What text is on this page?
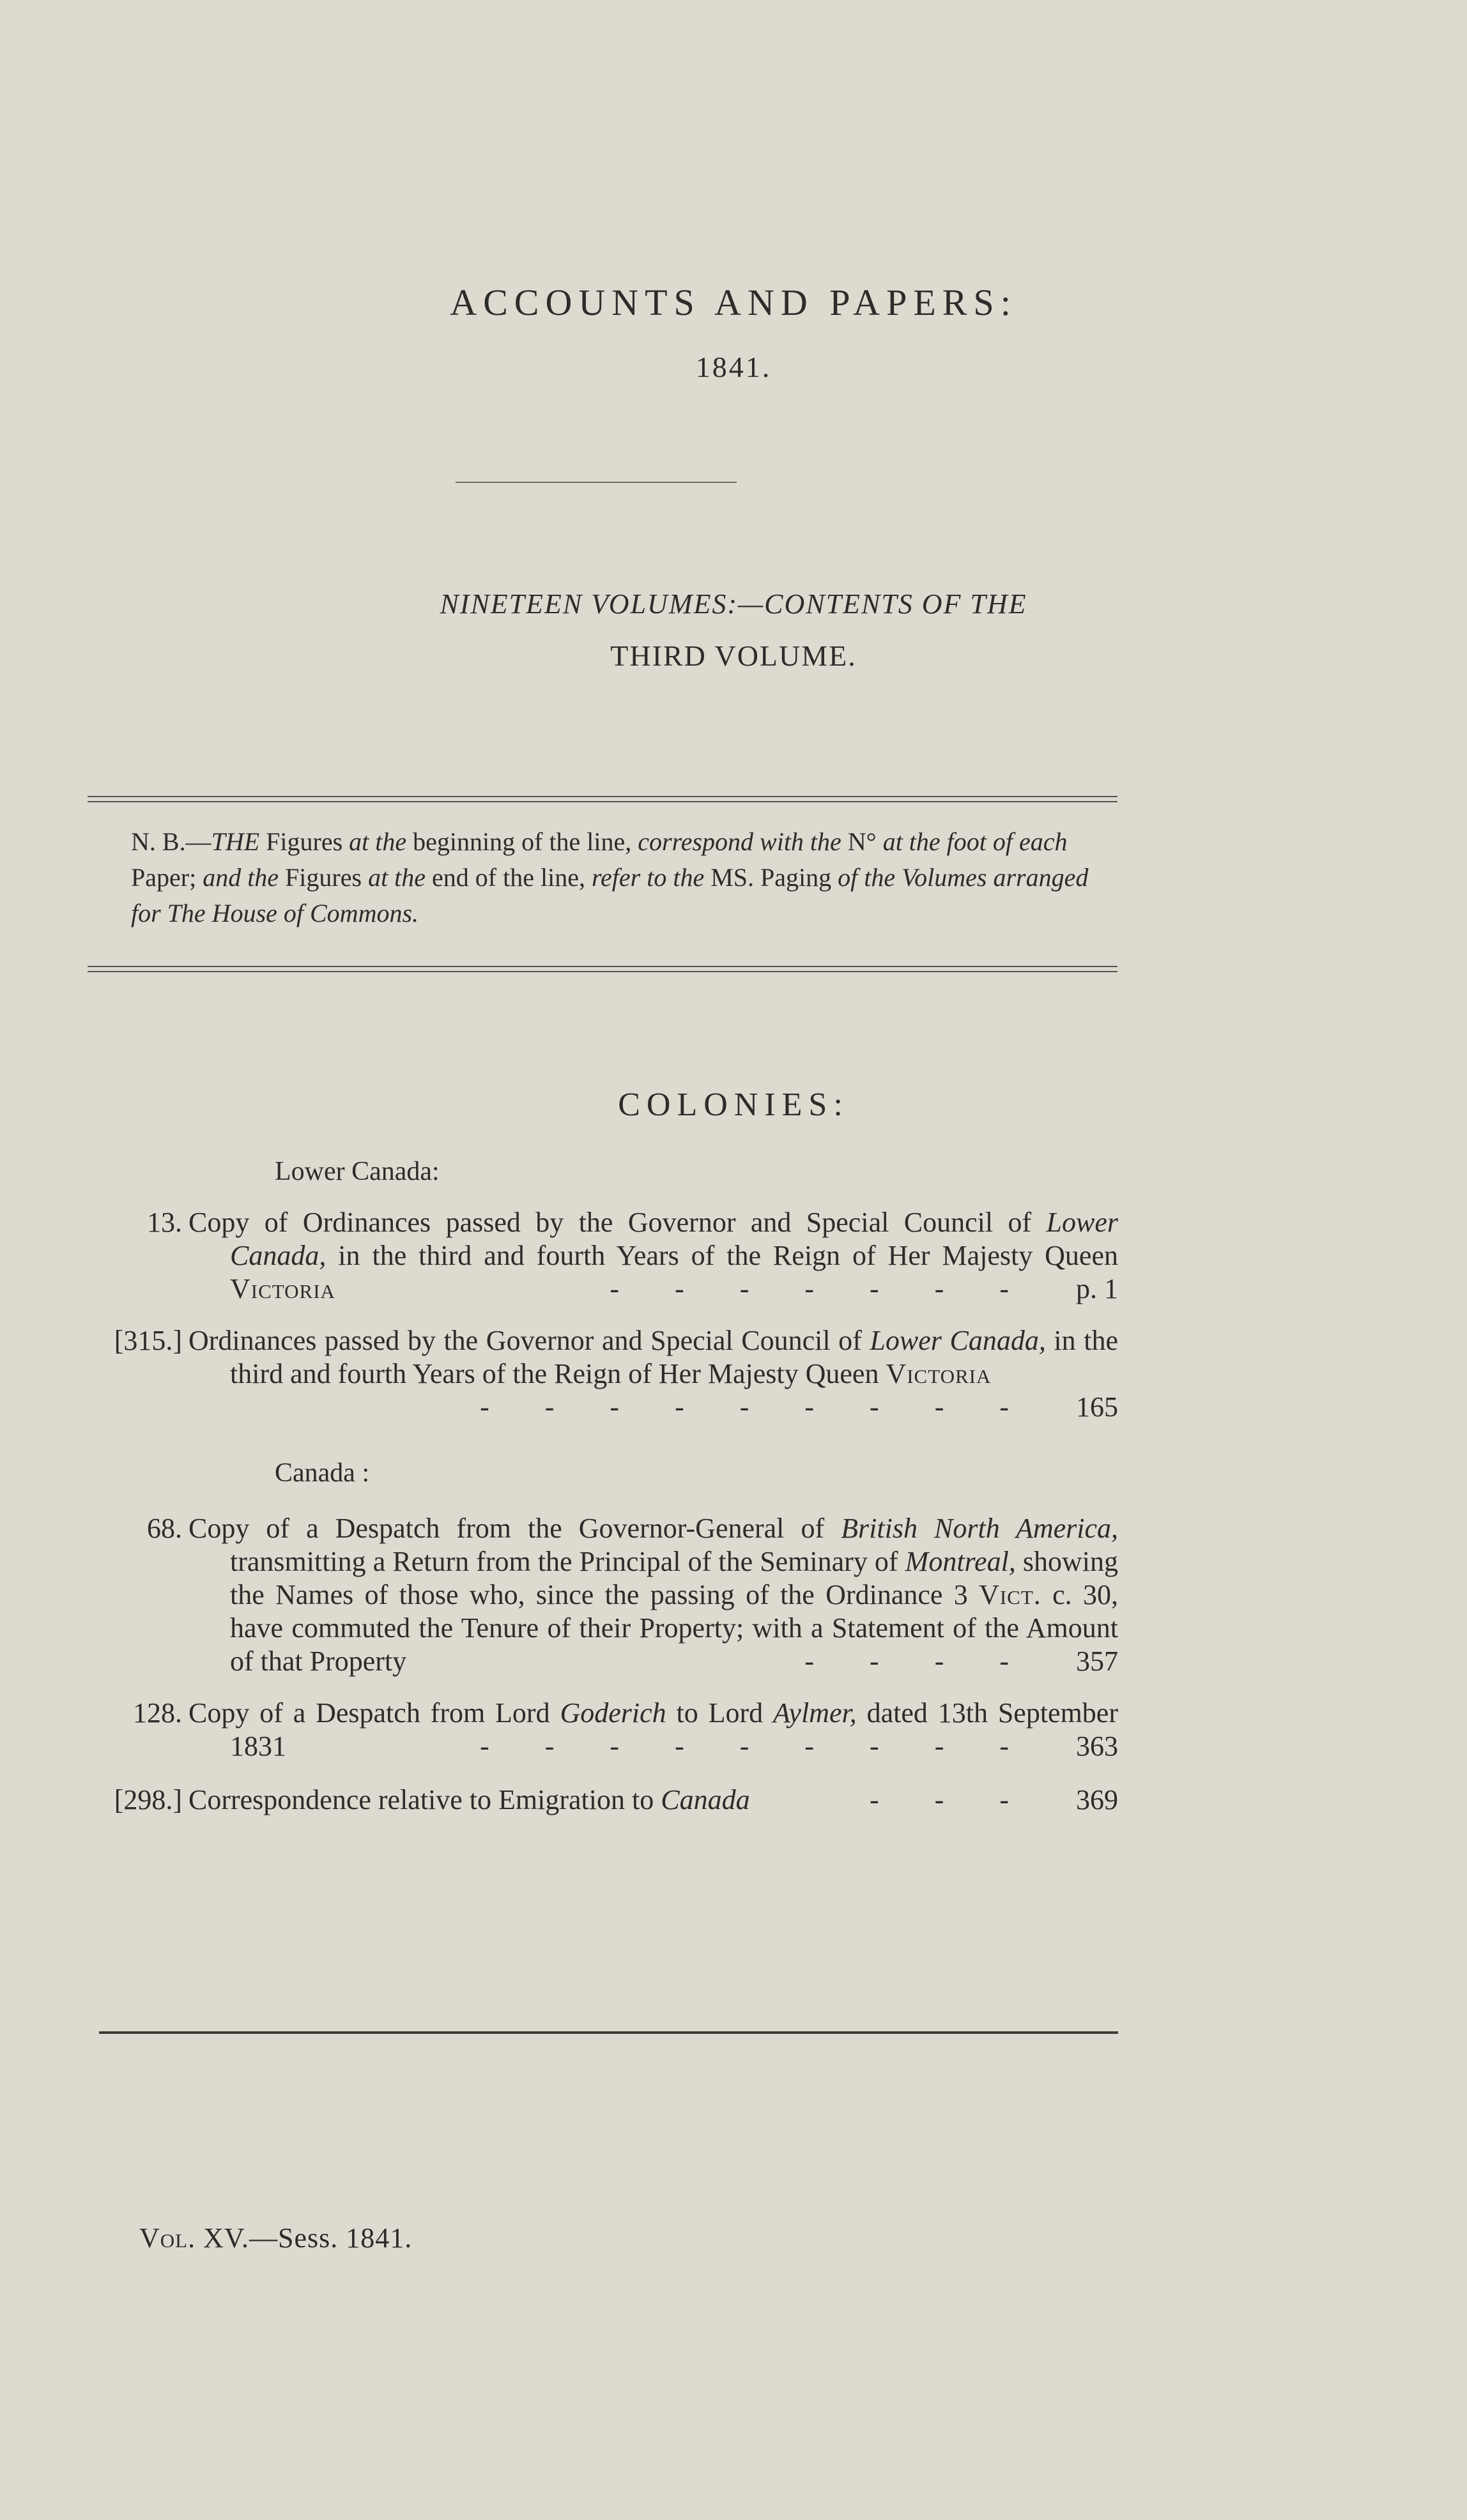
ACCOUNTS AND PAPERS:
1841.
NINETEEN VOLUMES:—CONTENTS OF THE
THIRD VOLUME.
N. B.—THE Figures at the beginning of the line, correspond with the N° at the foot of each Paper; and the Figures at the end of the line, refer to the MS. Paging of the Volumes arranged for The House of Commons.
COLONIES:
Lower Canada:
13. Copy of Ordinances passed by the Governor and Special Council of Lower Canada, in the third and fourth Years of the Reign of Her Majesty Queen Victoria	- - - - - - - p. 1
[315.] Ordinances passed by the Governor and Special Council of Lower Canada, in the third and fourth Years of the Reign of Her Majesty Queen Victoria
- - - - - - - - - 165
Canada :
68. Copy of a Despatch from the Governor-General of British North America, transmitting a Return from the Principal of the Seminary of Montreal, showing the Names of those who, since the passing of the Ordinance 3 Vict. c. 30, have commuted the Tenure of their Property; with a Statement of the Amount of that Property	- - - - 357
128. Copy of a Despatch from Lord Goderich to Lord Aylmer, dated 13th September 1831	- - - - - - - - - 363
[298.] Correspondence relative to Emigration to Canada	- - - 369
Vol. XV.—Sess. 1841.
